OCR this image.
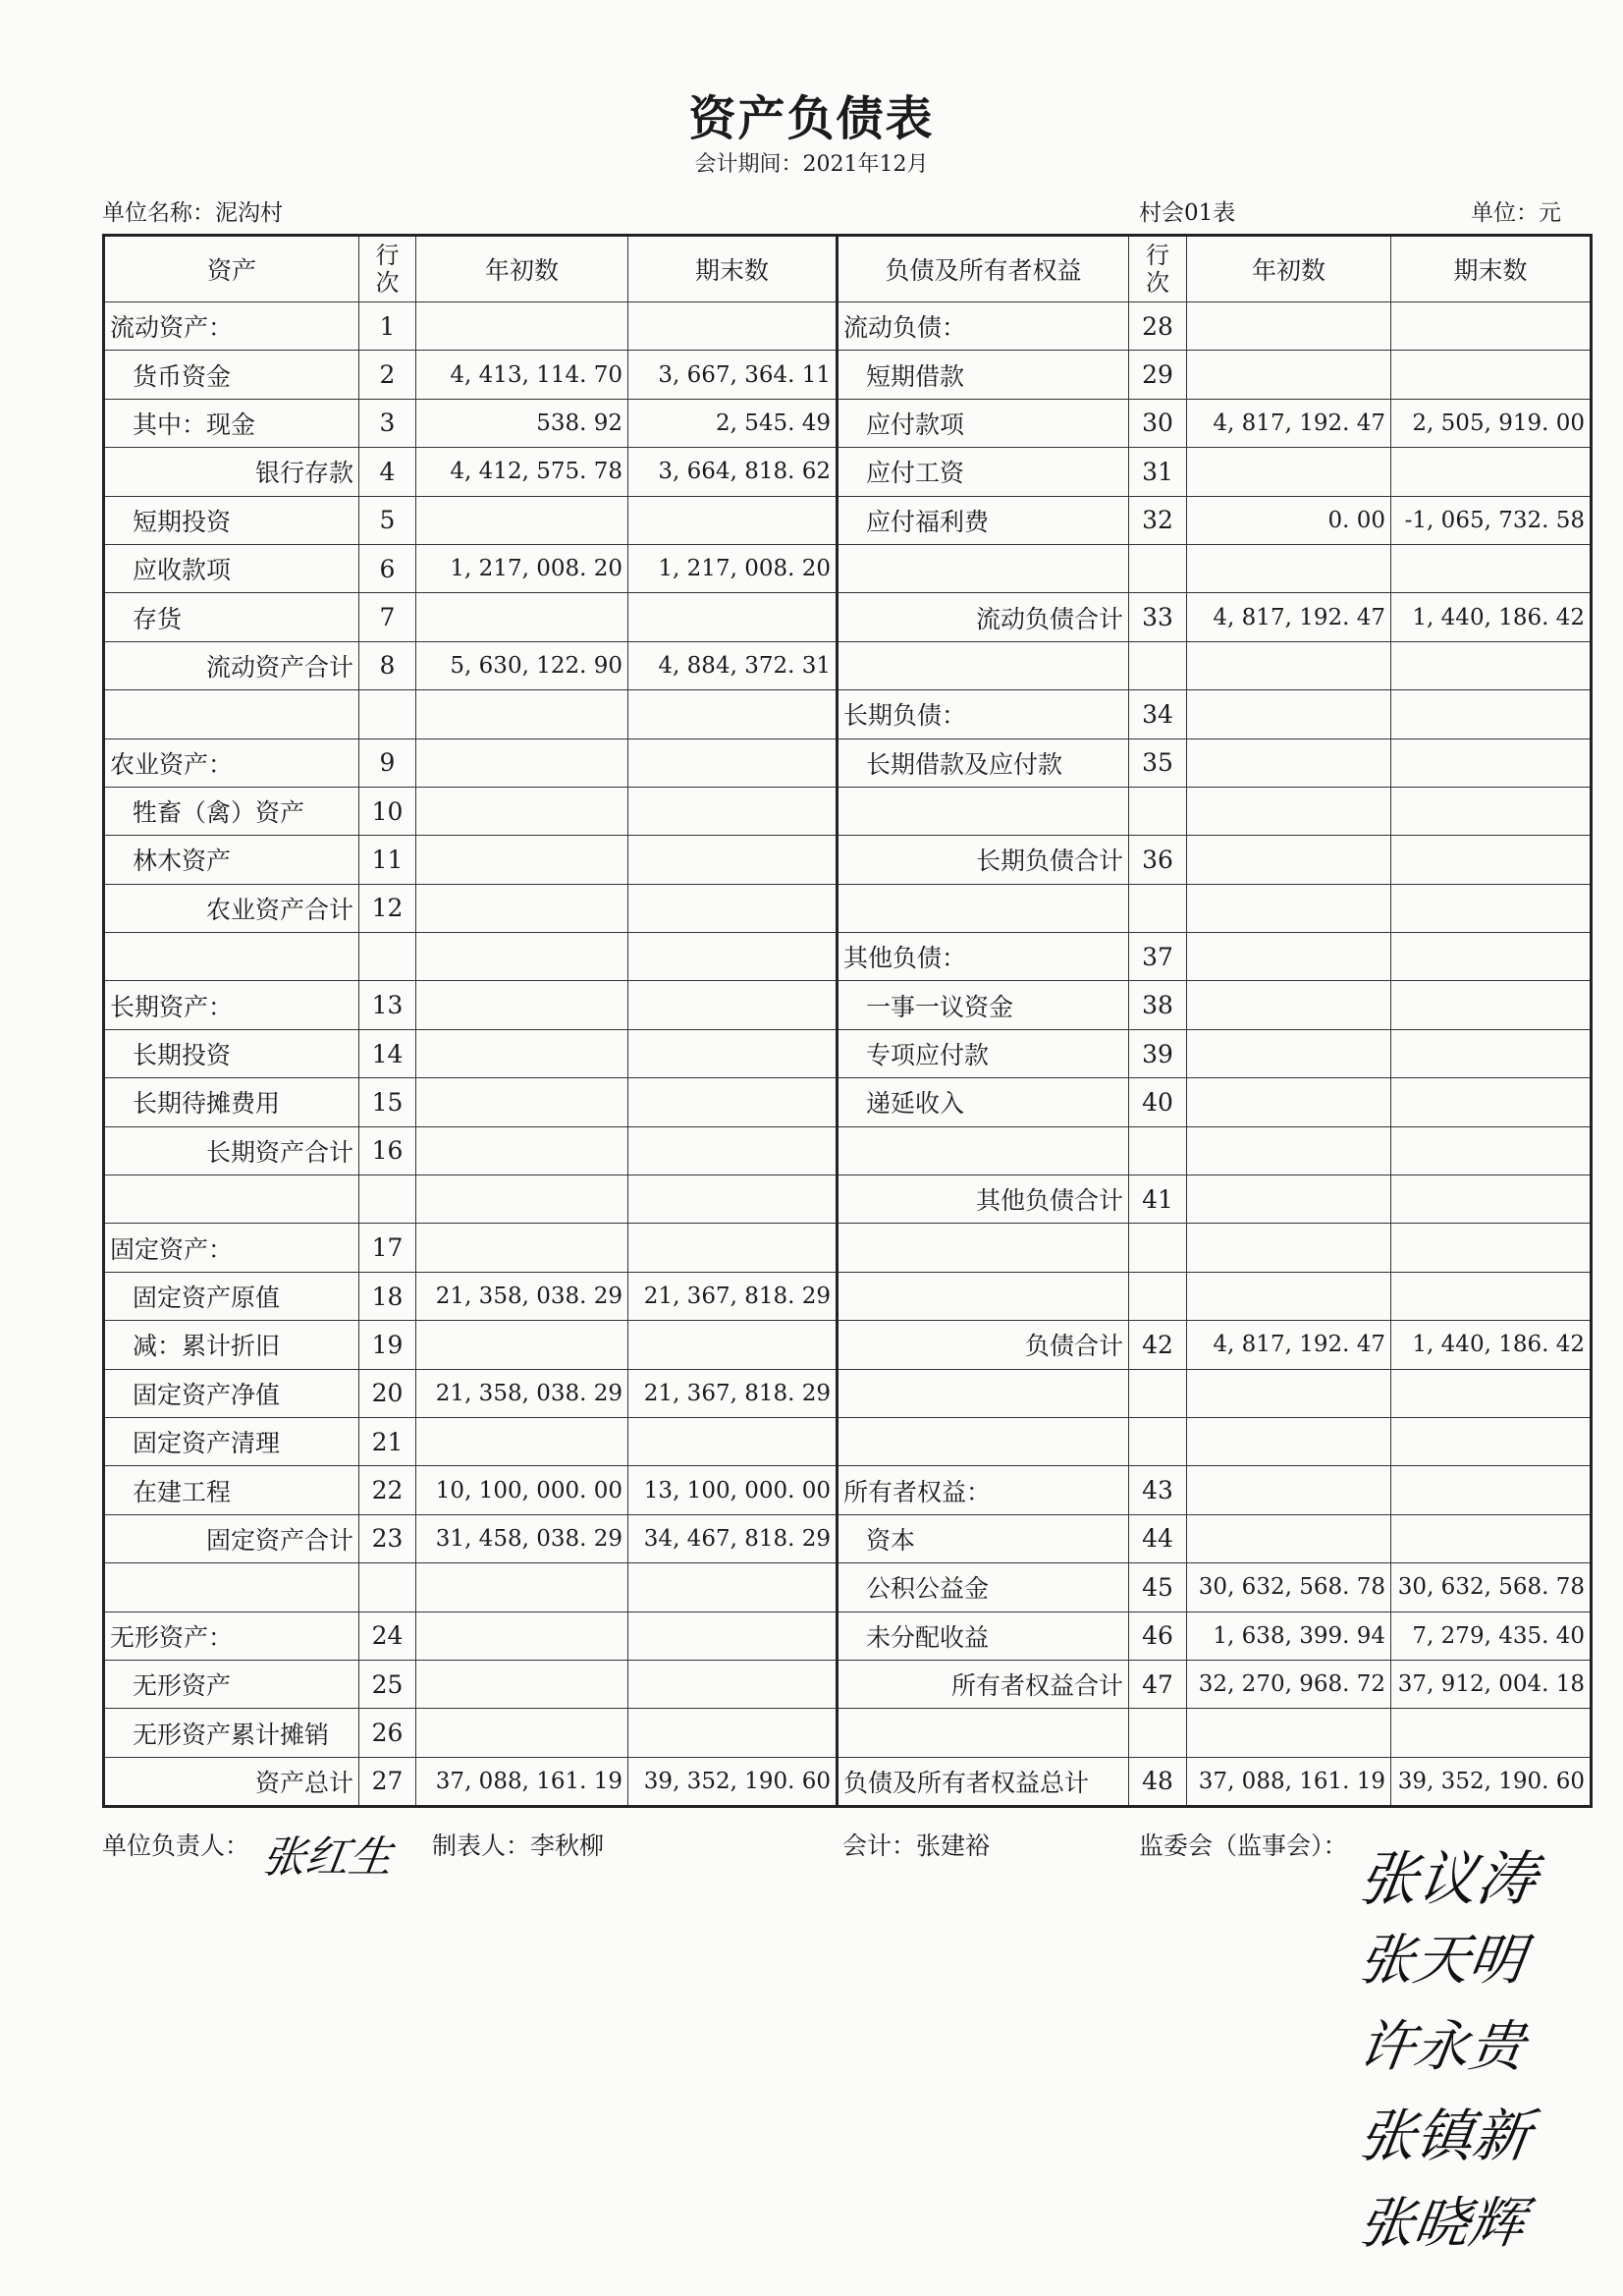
资产负债表
会计期间：2021年12月
单位名称：泥沟村	村会01表	单位：元
资产	行
次	年初数	期末数	负债及所有者权益	行
次	年初数	期末数
流动资产：	1			流动负债：	28		
货币资金	2	4, 413, 114. 70	3, 667, 364. 11	短期借款	29		
其中：现金	3	538. 92	2, 545. 49	应付款项	30	4, 817, 192. 47	2, 505, 919. 00
银行存款	4	4, 412, 575. 78	3, 664, 818. 62	应付工资	31		
短期投资	5			应付福利费	32	0. 00	-1, 065, 732. 58
应收款项	6	1, 217, 008. 20	1, 217, 008. 20				
存货	7			流动负债合计	33	4, 817, 192. 47	1, 440, 186. 42
流动资产合计	8	5, 630, 122. 90	4, 884, 372. 31				
				长期负债：	34		
农业资产：	9			长期借款及应付款	35		
牲畜（禽）资产	10						
林木资产	11			长期负债合计	36		
农业资产合计	12						
				其他负债：	37		
长期资产：	13			一事一议资金	38		
长期投资	14			专项应付款	39		
长期待摊费用	15			递延收入	40		
长期资产合计	16						
				其他负债合计	41		
固定资产：	17						
固定资产原值	18	21, 358, 038. 29	21, 367, 818. 29				
减：累计折旧	19			负债合计	42	4, 817, 192. 47	1, 440, 186. 42
固定资产净值	20	21, 358, 038. 29	21, 367, 818. 29				
固定资产清理	21						
在建工程	22	10, 100, 000. 00	13, 100, 000. 00	所有者权益：	43		
固定资产合计	23	31, 458, 038. 29	34, 467, 818. 29	资本	44		
				公积公益金	45	30, 632, 568. 78	30, 632, 568. 78
无形资产：	24			未分配收益	46	1, 638, 399. 94	7, 279, 435. 40
无形资产	25			所有者权益合计	47	32, 270, 968. 72	37, 912, 004. 18
无形资产累计摊销	26						
资产总计	27	37, 088, 161. 19	39, 352, 190. 60	负债及所有者权益总计	48	37, 088, 161. 19	39, 352, 190. 60
单位负责人：	制表人：李秋柳	会计：张建裕	监委会（监事会）：
张红生	张议涛
张天明
许永贵
张镇新
张晓辉
